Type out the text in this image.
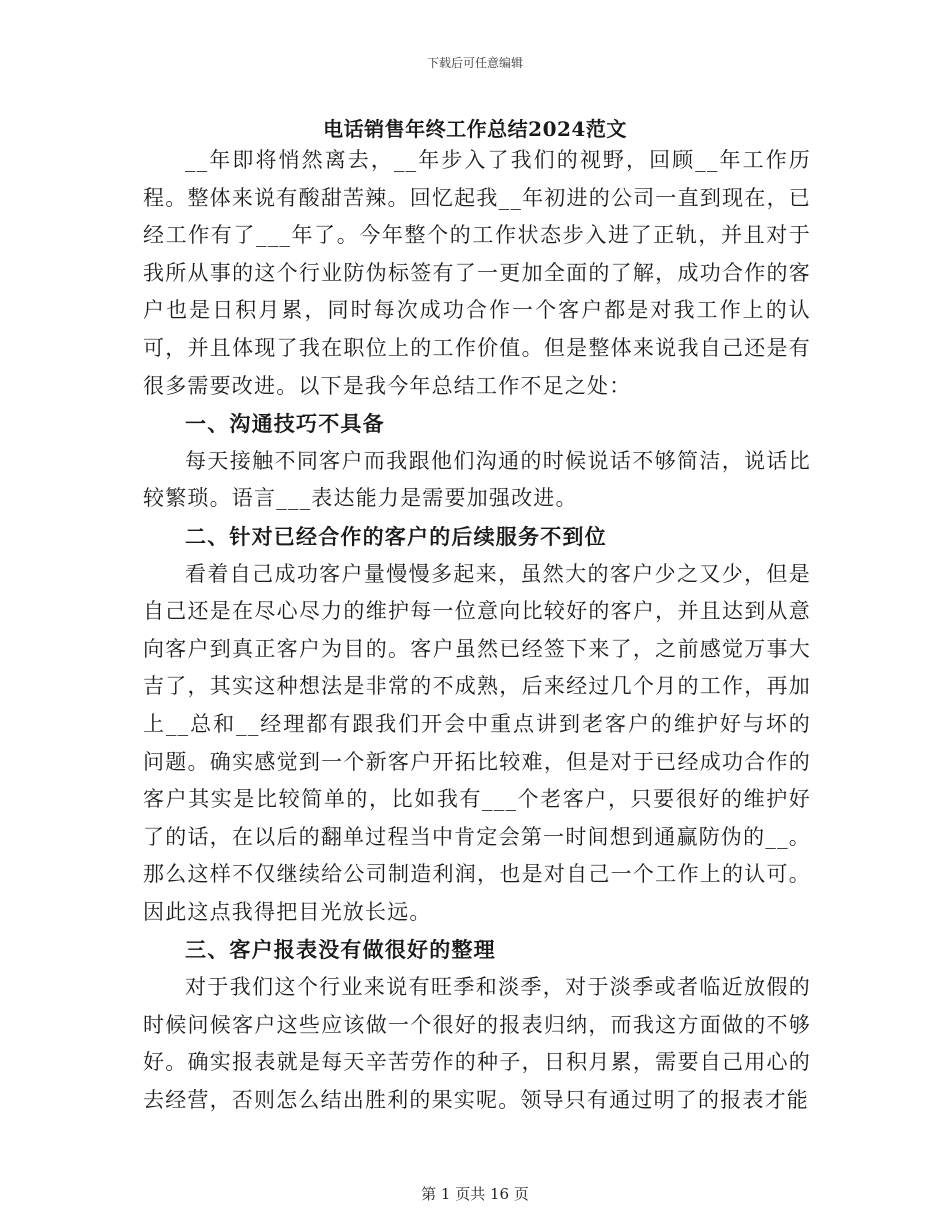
下载后可任意编辑
电话销售年终工作总结2024范文

__年即将悄然离去，__年步入了我们的视野，回顾__年工作历程。整体来说有酸甜苦辣。回忆起我__年初进的公司一直到现在，已经工作有了___年了。今年整个的工作状态步入进了正轨，并且对于我所从事的这个行业防伪标签有了一更加全面的了解，成功合作的客户也是日积月累，同时每次成功合作一个客户都是对我工作上的认可，并且体现了我在职位上的工作价值。但是整体来说我自己还是有很多需要改进。以下是我今年总结工作不足之处：

一、沟通技巧不具备

每天接触不同客户而我跟他们沟通的时候说话不够简洁，说话比较繁琐。语言___表达能力是需要加强改进。

二、针对已经合作的客户的后续服务不到位

看着自己成功客户量慢慢多起来，虽然大的客户少之又少，但是自己还是在尽心尽力的维护每一位意向比较好的客户，并且达到从意向客户到真正客户为目的。客户虽然已经签下来了，之前感觉万事大吉了，其实这种想法是非常的不成熟，后来经过几个月的工作，再加上__总和__经理都有跟我们开会中重点讲到老客户的维护好与坏的问题。确实感觉到一个新客户开拓比较难，但是对于已经成功合作的客户其实是比较简单的，比如我有___个老客户，只要很好的维护好了的话，在以后的翻单过程当中肯定会第一时间想到通赢防伪的__。那么这样不仅继续给公司制造利润，也是对自己一个工作上的认可。因此这点我得把目光放长远。

三、客户报表没有做很好的整理

对于我们这个行业来说有旺季和淡季，对于淡季或者临近放假的时候问候客户这些应该做一个很好的报表归纳，而我这方面做的不够好。确实报表就是每天辛苦劳作的种子，日积月累，需要自己用心的去经营，否则怎么结出胜利的果实呢。领导只有通过明了的报表才能

第 1 页共 16 页
